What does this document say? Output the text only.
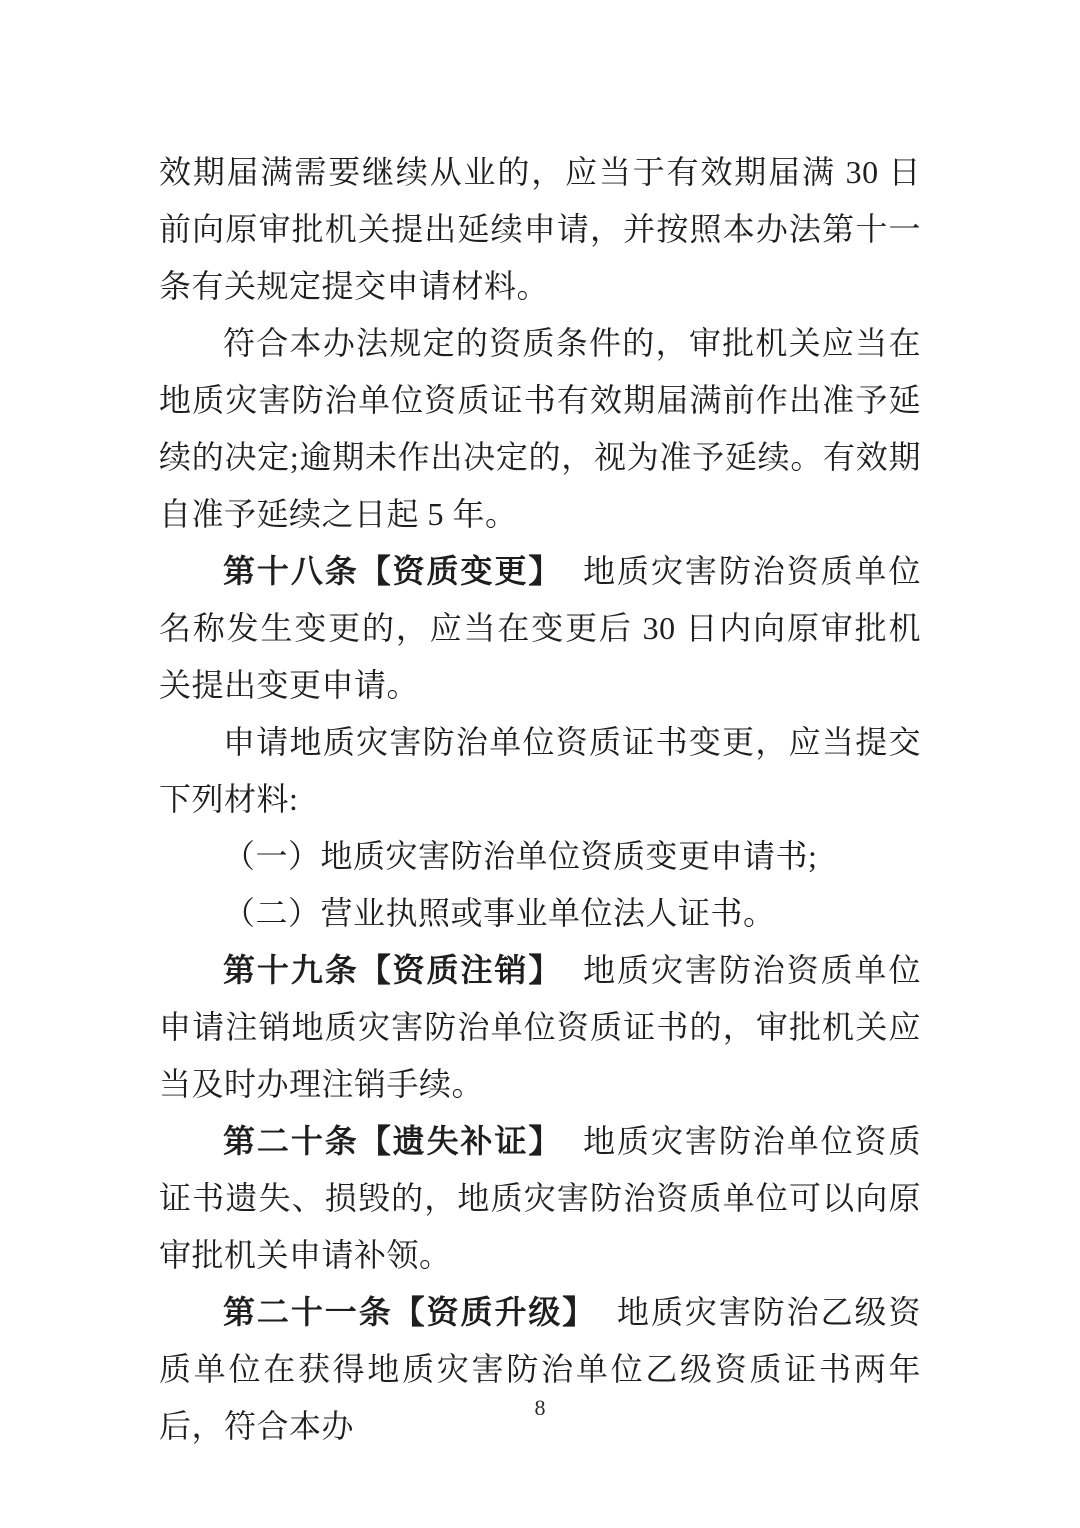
效期届满需要继续从业的，应当于有效期届满 30 日前向原审批机关提出延续申请，并按照本办法第十一条有关规定提交申请材料。

符合本办法规定的资质条件的，审批机关应当在地质灾害防治单位资质证书有效期届满前作出准予延续的决定;逾期未作出决定的，视为准予延续。有效期自准予延续之日起 5 年。

第十八条【资质变更】 地质灾害防治资质单位名称发生变更的，应当在变更后 30 日内向原审批机关提出变更申请。

申请地质灾害防治单位资质证书变更，应当提交下列材料:

（一）地质灾害防治单位资质变更申请书;

（二）营业执照或事业单位法人证书。

第十九条【资质注销】 地质灾害防治资质单位申请注销地质灾害防治单位资质证书的，审批机关应当及时办理注销手续。

第二十条【遗失补证】 地质灾害防治单位资质证书遗失、损毁的，地质灾害防治资质单位可以向原审批机关申请补领。

第二十一条【资质升级】 地质灾害防治乙级资质单位在获得地质灾害防治单位乙级资质证书两年后，符合本办

8
